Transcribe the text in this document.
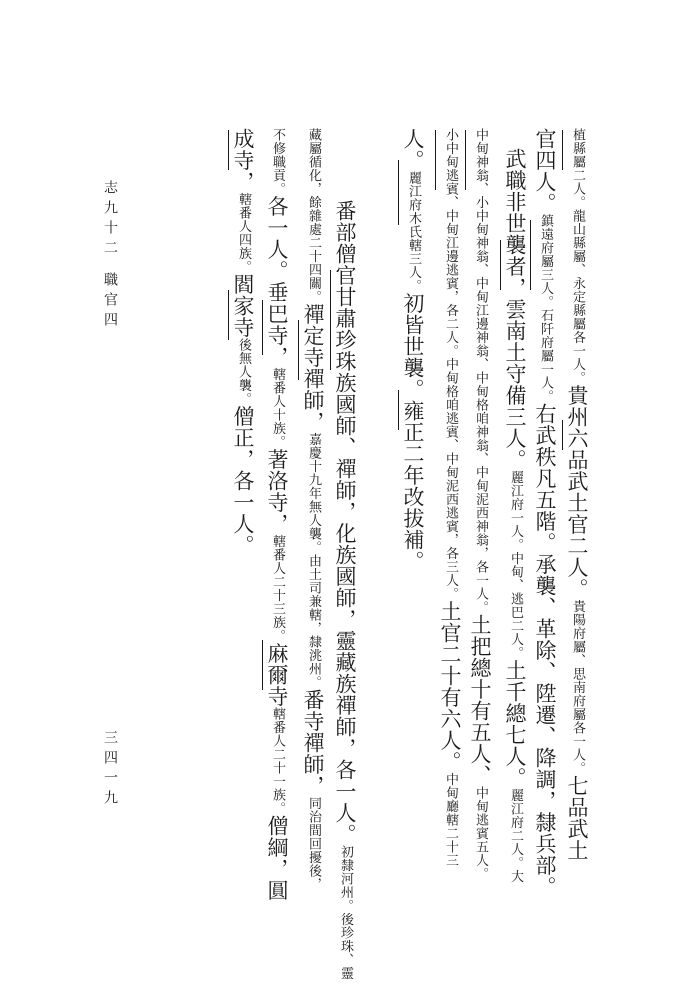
志九十二
職官四
三四一九
植縣屬二人。龍山縣屬、永定縣屬各一人。貴州六品武土官二人。貴陽府屬、思南府屬各一人。七品武土
官四人。鎮遠府屬三人。石阡府屬一人。右武秩凡五階。承襲、革除、陞遷、降調，隸兵部。
武職非世襲者，雲南土守備三人。麗江府一人。中甸、逃巴二人。土千總七人。麗江府二人。大
中甸神翁、小中甸神翁、中甸江邊神翁、中甸格咱神翁、中甸泥西神翁，各一人。土把總十有五人、中甸逃賓五人。
小中甸逃賓、中甸江邊逃賓，各二人。中甸格咱逃賓、中甸泥西逃賓，各三人。土官二十有六人。中甸廳轄二十三
人。麗江府木氏轄三人。初皆世襲。雍正二年改拔補。
番部僧官甘肅珍珠族國師、禪師，化族國師，靈藏族禪師，各一人。初隸河州。後珍珠、靈
藏屬循化，餘雜處二十四關。禪定寺禪師，嘉慶十九年無人襲。由土司兼轄，隸洮州。番寺禪師，同治間回擾後，
不修職貢。各一人。垂巴寺，轄番人十族。著洛寺，轄番人二十三族。麻爾寺轄番人二十一族。僧綱，圓
成寺，轄番人四族。閻家寺後無人襲。僧正，各一人。
